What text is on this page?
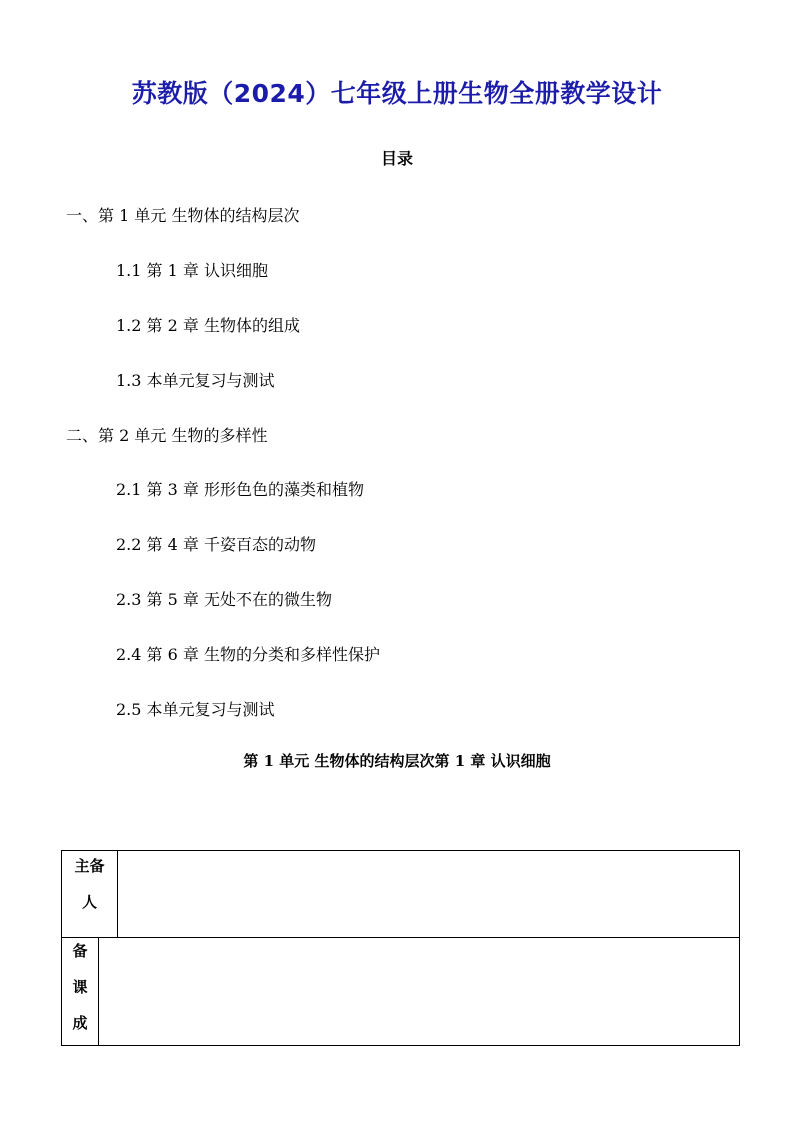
苏教版（2024）七年级上册生物全册教学设计
目录
一、第 1 单元 生物体的结构层次
1.1 第 1 章 认识细胞
1.2 第 2 章 生物体的组成
1.3 本单元复习与测试
二、第 2 单元 生物的多样性
2.1 第 3 章 形形色色的藻类和植物
2.2 第 4 章 千姿百态的动物
2.3 第 5 章 无处不在的微生物
2.4 第 6 章 生物的分类和多样性保护
2.5 本单元复习与测试
第 1 单元 生物体的结构层次第 1 章 认识细胞
主备
人
备
课
成
